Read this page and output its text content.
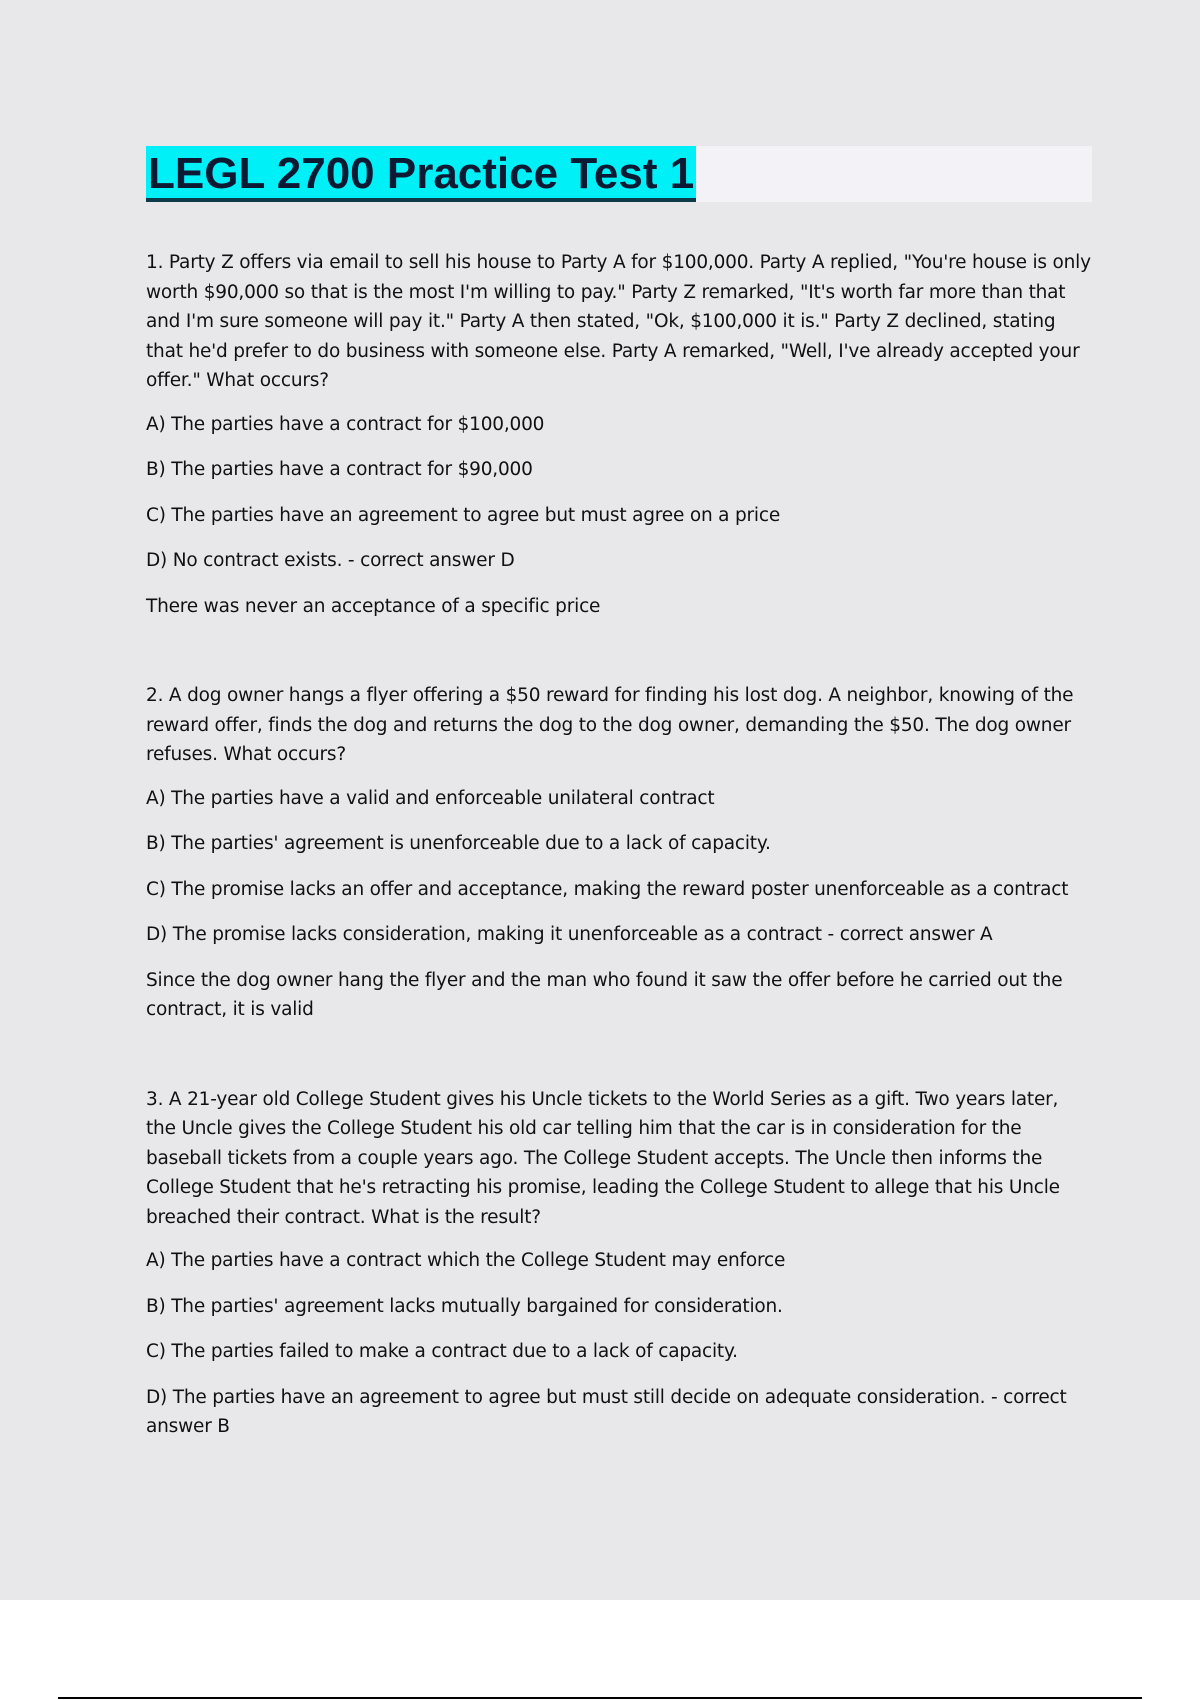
LEGL 2700 Practice Test 1

1. Party Z offers via email to sell his house to Party A for $100,000. Party A replied, "You're house is only worth $90,000 so that is the most I'm willing to pay." Party Z remarked, "It's worth far more than that and I'm sure someone will pay it." Party A then stated, "Ok, $100,000 it is." Party Z declined, stating that he'd prefer to do business with someone else. Party A remarked, "Well, I've already accepted your offer." What occurs?

A) The parties have a contract for $100,000

B) The parties have a contract for $90,000

C) The parties have an agreement to agree but must agree on a price

D) No contract exists. - correct answer D

There was never an acceptance of a specific price

2. A dog owner hangs a flyer offering a $50 reward for finding his lost dog. A neighbor, knowing of the reward offer, finds the dog and returns the dog to the dog owner, demanding the $50. The dog owner refuses. What occurs?

A) The parties have a valid and enforceable unilateral contract

B) The parties' agreement is unenforceable due to a lack of capacity.

C) The promise lacks an offer and acceptance, making the reward poster unenforceable as a contract

D) The promise lacks consideration, making it unenforceable as a contract - correct answer A

Since the dog owner hang the flyer and the man who found it saw the offer before he carried out the contract, it is valid

3. A 21-year old College Student gives his Uncle tickets to the World Series as a gift. Two years later, the Uncle gives the College Student his old car telling him that the car is in consideration for the baseball tickets from a couple years ago. The College Student accepts. The Uncle then informs the College Student that he's retracting his promise, leading the College Student to allege that his Uncle breached their contract. What is the result?

A) The parties have a contract which the College Student may enforce

B) The parties' agreement lacks mutually bargained for consideration.

C) The parties failed to make a contract due to a lack of capacity.

D) The parties have an agreement to agree but must still decide on adequate consideration. - correct answer B
